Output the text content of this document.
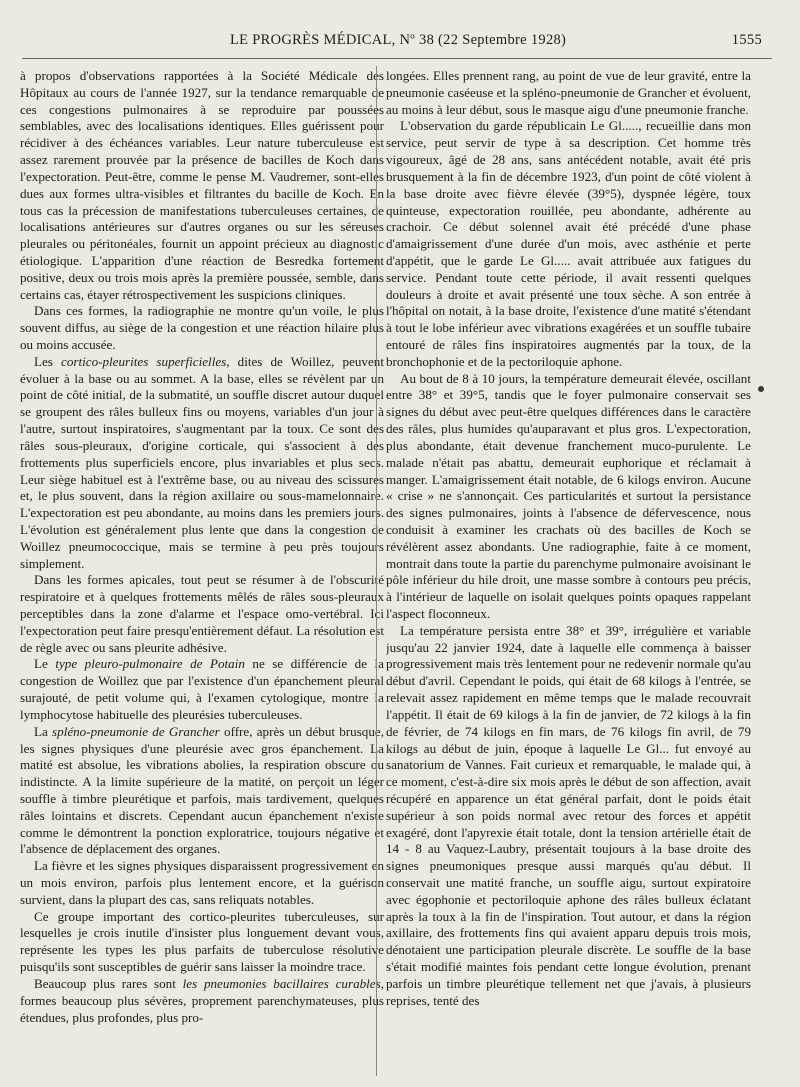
LE PROGRÈS MÉDICAL, Nº 38 (22 Septembre 1928)	1555

à propos d'observations rapportées à la Société Médicale des Hôpitaux au cours de l'année 1927, sur la tendance remarquable de ces congestions pulmonaires à se reproduire par poussées semblables, avec des localisations identiques. Elles guérissent pour récidiver à des échéances variables. Leur nature tuberculeuse est assez rarement prouvée par la présence de bacilles de Koch dans l'expectoration. Peut-être, comme le pense M. Vaudremer, sont-elles dues aux formes ultra-visibles et filtrantes du bacille de Koch. En tous cas la précession de manifestations tuberculeuses certaines, de localisations antérieures sur d'autres organes ou sur les séreuses pleurales ou péritonéales, fournit un appoint précieux au diagnostic étiologique. L'apparition d'une réaction de Besredka fortement positive, deux ou trois mois après la première poussée, semble, dans certains cas, étayer rétrospectivement les suspicions cliniques.

Dans ces formes, la radiographie ne montre qu'un voile, le plus souvent diffus, au siège de la congestion et une réaction hilaire plus ou moins accusée.

Les cortico-pleurites superficielles, dites de Woillez, peuvent évoluer à la base ou au sommet. A la base, elles se révèlent par un point de côté initial, de la submatité, un souffle discret autour duquel se groupent des râles bulleux fins ou moyens, variables d'un jour à l'autre, surtout inspiratoires, s'augmentant par la toux. Ce sont des râles sous-pleuraux, d'origine corticale, qui s'associent à des frottements plus superficiels encore, plus invariables et plus secs. Leur siège habituel est à l'extrême base, ou au niveau des scissures et, le plus souvent, dans la région axillaire ou sous-mamelonnaire. L'expectoration est peu abondante, au moins dans les premiers jours. L'évolution est généralement plus lente que dans la congestion de Woillez pneumococcique, mais se termine à peu près toujours simplement.

Dans les formes apicales, tout peut se résumer à de l'obscurité respiratoire et à quelques frottements mêlés de râles sous-pleuraux perceptibles dans la zone d'alarme et l'espace omo-vertébral. Ici l'expectoration peut faire presqu'entièrement défaut. La résolution est de règle avec ou sans pleurite adhésive.

Le type pleuro-pulmonaire de Potain ne se différencie de la congestion de Woillez que par l'existence d'un épanchement pleural surajouté, de petit volume qui, à l'examen cytologique, montre la lymphocytose habituelle des pleurésies tuberculeuses.

La spléno-pneumonie de Grancher offre, après un début brusque, les signes physiques d'une pleurésie avec gros épanchement. La matité est absolue, les vibrations abolies, la respiration obscure ou indistincte. A la limite supérieure de la matité, on perçoit un léger souffle à timbre pleurétique et parfois, mais tardivement, quelques râles lointains et discrets. Cependant aucun épanchement n'existe comme le démontrent la ponction exploratrice, toujours négative et l'absence de déplacement des organes.

La fièvre et les signes physiques disparaissent progressivement en un mois environ, parfois plus lentement encore, et la guérison survient, dans la plupart des cas, sans reliquats notables.

Ce groupe important des cortico-pleurites tuberculeuses, sur lesquelles je crois inutile d'insister plus longuement devant vous, représente les types les plus parfaits de tuberculose résolutive puisqu'ils sont susceptibles de guérir sans laisser la moindre trace.

Beaucoup plus rares sont les pneumonies bacillaires curables, formes beaucoup plus sévères, proprement parenchymateuses, plus étendues, plus profondes, plus pro-

longées. Elles prennent rang, au point de vue de leur gravité, entre la pneumonie caséeuse et la spléno-pneumonie de Grancher et évoluent, au moins à leur début, sous le masque aigu d'une pneumonie franche.

L'observation du garde républicain Le Gl....., recueillie dans mon service, peut servir de type à sa description. Cet homme très vigoureux, âgé de 28 ans, sans antécédent notable, avait été pris brusquement à la fin de décembre 1923, d'un point de côté violent à la base droite avec fièvre élevée (39°5), dyspnée légère, toux quinteuse, expectoration rouillée, peu abondante, adhérente au crachoir. Ce début solennel avait été précédé d'une phase d'amaigrissement d'une durée d'un mois, avec asthénie et perte d'appétit, que le garde Le Gl..... avait attribuée aux fatigues du service. Pendant toute cette période, il avait ressenti quelques douleurs à droite et avait présenté une toux sèche. A son entrée à l'hôpital on notait, à la base droite, l'existence d'une matité s'étendant à tout le lobe inférieur avec vibrations exagérées et un souffle tubaire entouré de râles fins inspiratoires augmentés par la toux, de la bronchophonie et de la pectoriloquie aphone.

Au bout de 8 à 10 jours, la température demeurait élevée, oscillant entre 38° et 39°5, tandis que le foyer pulmonaire conservait ses signes du début avec peut-être quelques différences dans le caractère des râles, plus humides qu'auparavant et plus gros. L'expectoration, plus abondante, était devenue franchement muco-purulente. Le malade n'était pas abattu, demeurait euphorique et réclamait à manger. L'amaigrissement était notable, de 6 kilogs environ. Aucune « crise » ne s'annonçait. Ces particularités et surtout la persistance des signes pulmonaires, joints à l'absence de défervescence, nous conduisit à examiner les crachats où des bacilles de Koch se révélèrent assez abondants. Une radiographie, faite à ce moment, montrait dans toute la partie du parenchyme pulmonaire avoisinant le pôle inférieur du hile droit, une masse sombre à contours peu précis, à l'intérieur de laquelle on isolait quelques points opaques rappelant l'aspect floconneux.

La température persista entre 38° et 39°, irrégulière et variable jusqu'au 22 janvier 1924, date à laquelle elle commença à baisser progressivement mais très lentement pour ne redevenir normale qu'au début d'avril. Cependant le poids, qui était de 68 kilogs à l'entrée, se relevait assez rapidement en même temps que le malade recouvrait l'appétit. Il était de 69 kilogs à la fin de janvier, de 72 kilogs à la fin de février, de 74 kilogs en fin mars, de 76 kilogs fin avril, de 79 kilogs au début de juin, époque à laquelle Le Gl... fut envoyé au sanatorium de Vannes. Fait curieux et remarquable, le malade qui, à ce moment, c'est-à-dire six mois après le début de son affection, avait récupéré en apparence un état général parfait, dont le poids était supérieur à son poids normal avec retour des forces et appétit exagéré, dont l'apyrexie était totale, dont la tension artérielle était de 14 - 8 au Vaquez-Laubry, présentait toujours à la base droite des signes pneumoniques presque aussi marqués qu'au début. Il conservait une matité franche, un souffle aigu, surtout expiratoire avec égophonie et pectoriloquie aphone des râles bulleux éclatant après la toux à la fin de l'inspiration. Tout autour, et dans la région axillaire, des frottements fins qui avaient apparu depuis trois mois, dénotaient une participation pleurale discrète. Le souffle de la base s'était modifié maintes fois pendant cette longue évolution, prenant parfois un timbre pleurétique tellement net que j'avais, à plusieurs reprises, tenté des
